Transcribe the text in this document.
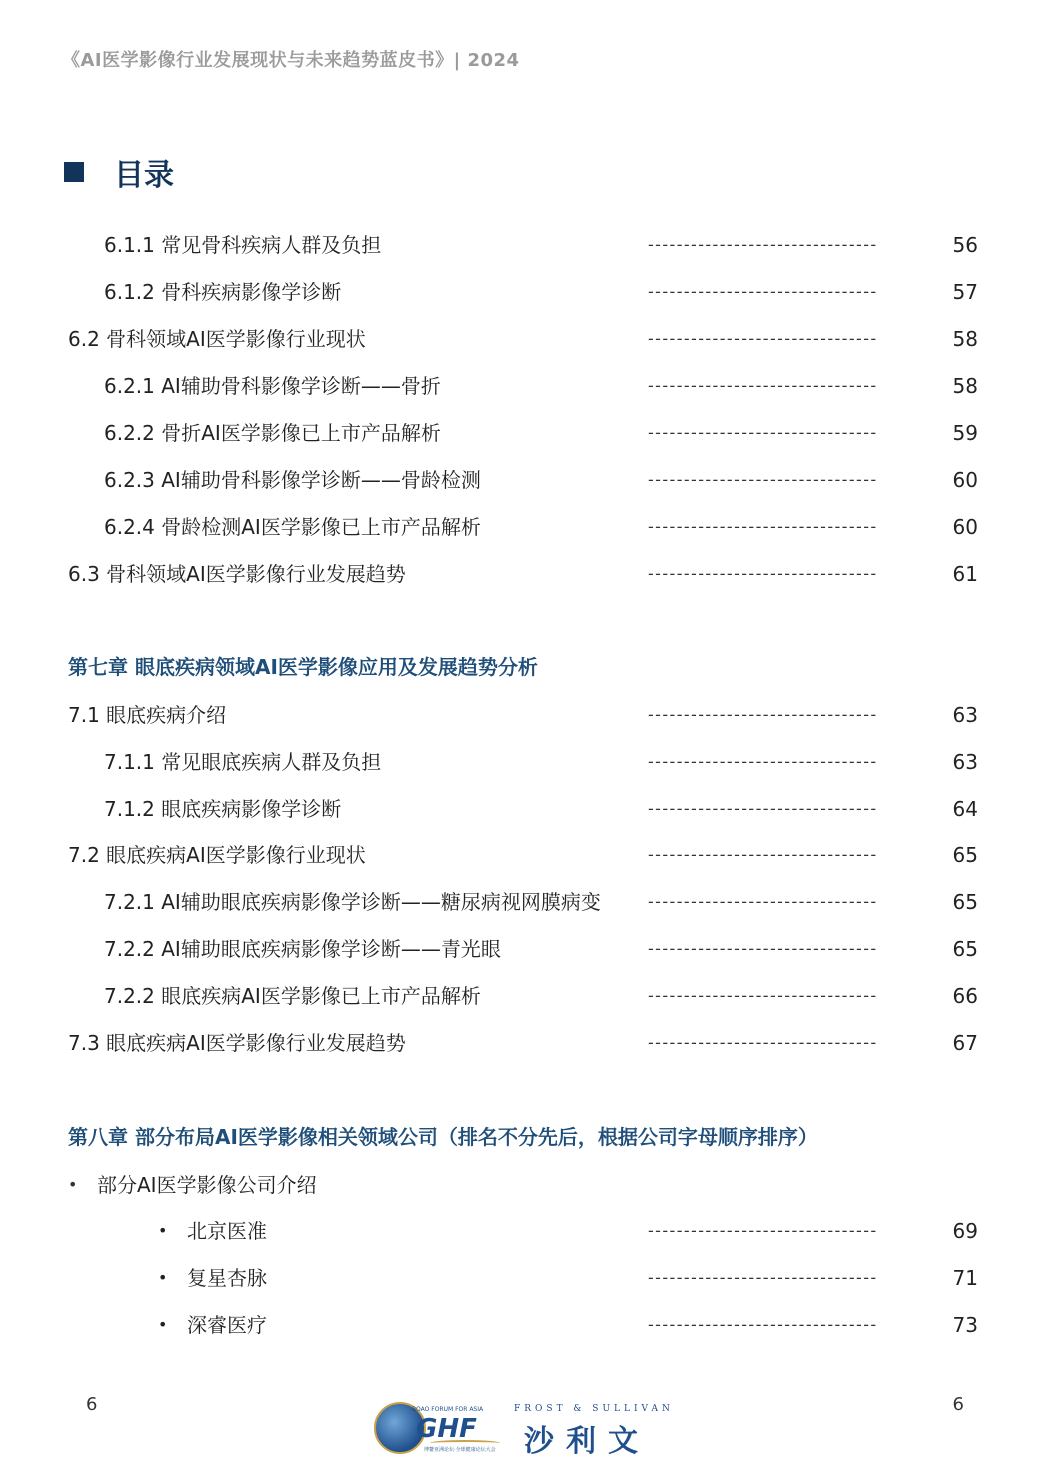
《AI医学影像行业发展现状与未来趋势蓝皮书》| 2024
目录
6.1.1 常见骨科疾病人群及负担	--------------------------------	56
6.1.2 骨科疾病影像学诊断	--------------------------------	57
6.2 骨科领域AI医学影像行业现状	--------------------------------	58
6.2.1 AI辅助骨科影像学诊断——骨折	--------------------------------	58
6.2.2 骨折AI医学影像已上市产品解析	--------------------------------	59
6.2.3 AI辅助骨科影像学诊断——骨龄检测	--------------------------------	60
6.2.4 骨龄检测AI医学影像已上市产品解析	--------------------------------	60
6.3 骨科领域AI医学影像行业发展趋势	--------------------------------	61
第七章 眼底疾病领域AI医学影像应用及发展趋势分析
7.1 眼底疾病介绍	--------------------------------	63
7.1.1 常见眼底疾病人群及负担	--------------------------------	63
7.1.2 眼底疾病影像学诊断	--------------------------------	64
7.2 眼底疾病AI医学影像行业现状	--------------------------------	65
7.2.1 AI辅助眼底疾病影像学诊断——糖尿病视网膜病变	--------------------------------	65
7.2.2 AI辅助眼底疾病影像学诊断——青光眼	--------------------------------	65
7.2.2 眼底疾病AI医学影像已上市产品解析	--------------------------------	66
7.3 眼底疾病AI医学影像行业发展趋势	--------------------------------	67
第八章 部分布局AI医学影像相关领域公司（排名不分先后，根据公司字母顺序排序）
• 部分AI医学影像公司介绍
• 北京医准	--------------------------------	69
• 复星杏脉	--------------------------------	71
• 深睿医疗	--------------------------------	73
6	6
BOAO FORUM FOR ASIA
GHF
博鳌亚洲论坛·全球健康论坛大会
FROST & SULLIVAN
沙利文
